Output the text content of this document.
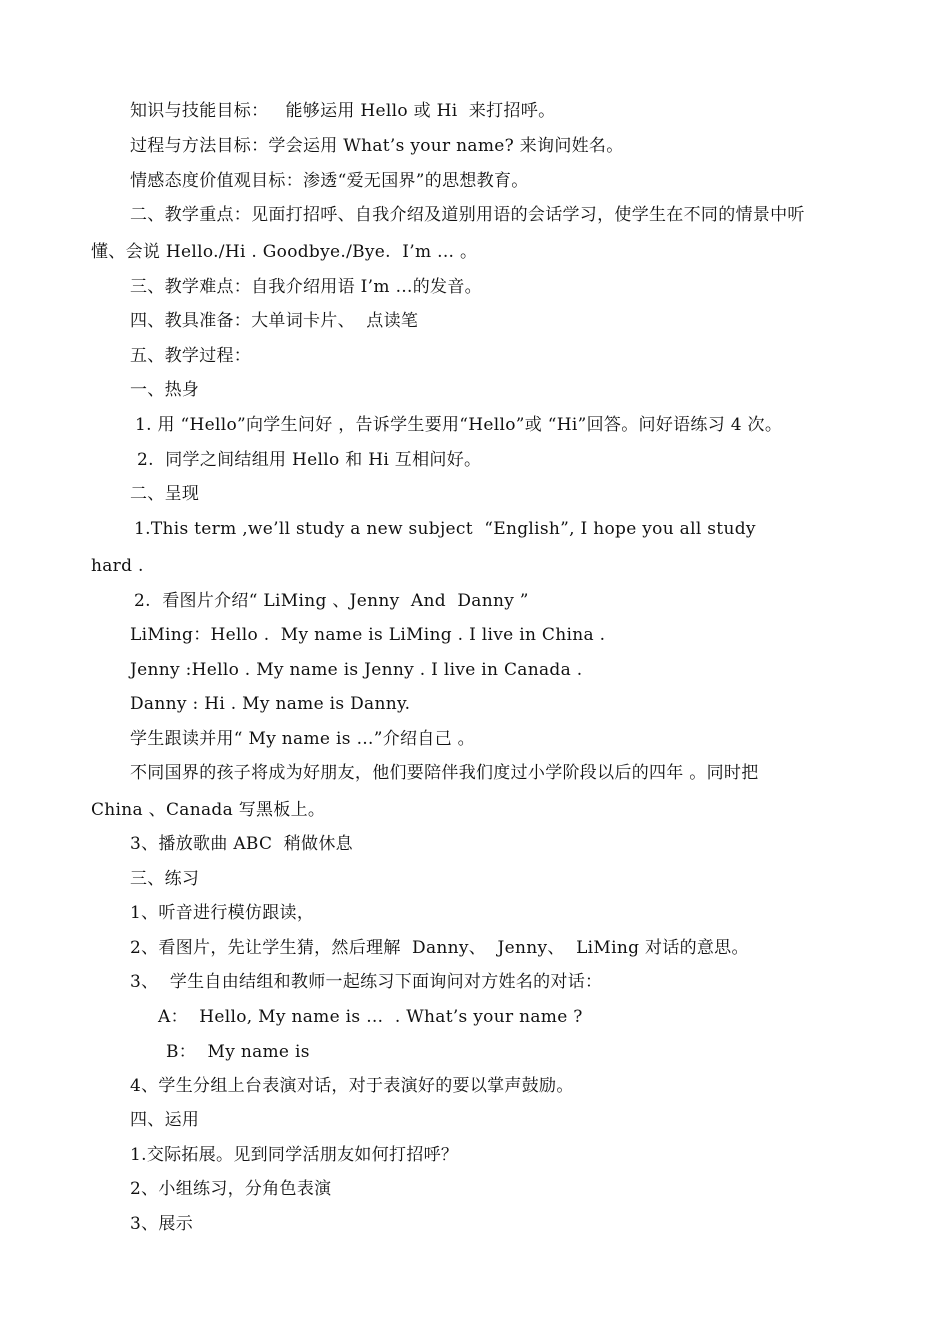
知识与技能目标：   能够运用 Hello 或 Hi  来打招呼。
过程与方法目标：学会运用 What’s your name? 来询问姓名。
情感态度价值观目标：渗透“爱无国界”的思想教育。
二、教学重点：见面打招呼、自我介绍及道别用语的会话学习，使学生在不同的情景中听
懂、会说 Hello./Hi . Goodbye./Bye.  I’m ... 。
三、教学难点：自我介绍用语 I’m …的发音。
四、教具准备：大单词卡片、  点读笔
五、教学过程：
一、热身
1. 用 “Hello”向学生问好 ，告诉学生要用“Hello”或 “Hi”回答。问好语练习 4 次。
2.  同学之间结组用 Hello 和 Hi 互相问好。
二、呈现
1.This term ,we’ll study a new subject  “English”, I hope you all study
hard .
2.  看图片介绍“ LiMing 、Jenny  And  Danny ”
LiMing：Hello .  My name is LiMing . I live in China .
Jenny :Hello . My name is Jenny . I live in Canada .
Danny : Hi . My name is Danny.
学生跟读并用“ My name is …”介绍自己 。
不同国界的孩子将成为好朋友，他们要陪伴我们度过小学阶段以后的四年 。同时把
China 、Canada 写黑板上。
3、播放歌曲 ABC  稍做休息
三、练习
1、听音进行模仿跟读，
2、看图片，先让学生猜，然后理解  Danny、  Jenny、  LiMing 对话的意思。
3、  学生自由结组和教师一起练习下面询问对方姓名的对话：
A：  Hello, My name is …  . What’s your name ?
B：  My name is
4、学生分组上台表演对话，对于表演好的要以掌声鼓励。
四、运用
1.交际拓展。见到同学活朋友如何打招呼？
2、小组练习，分角色表演
3、展示
